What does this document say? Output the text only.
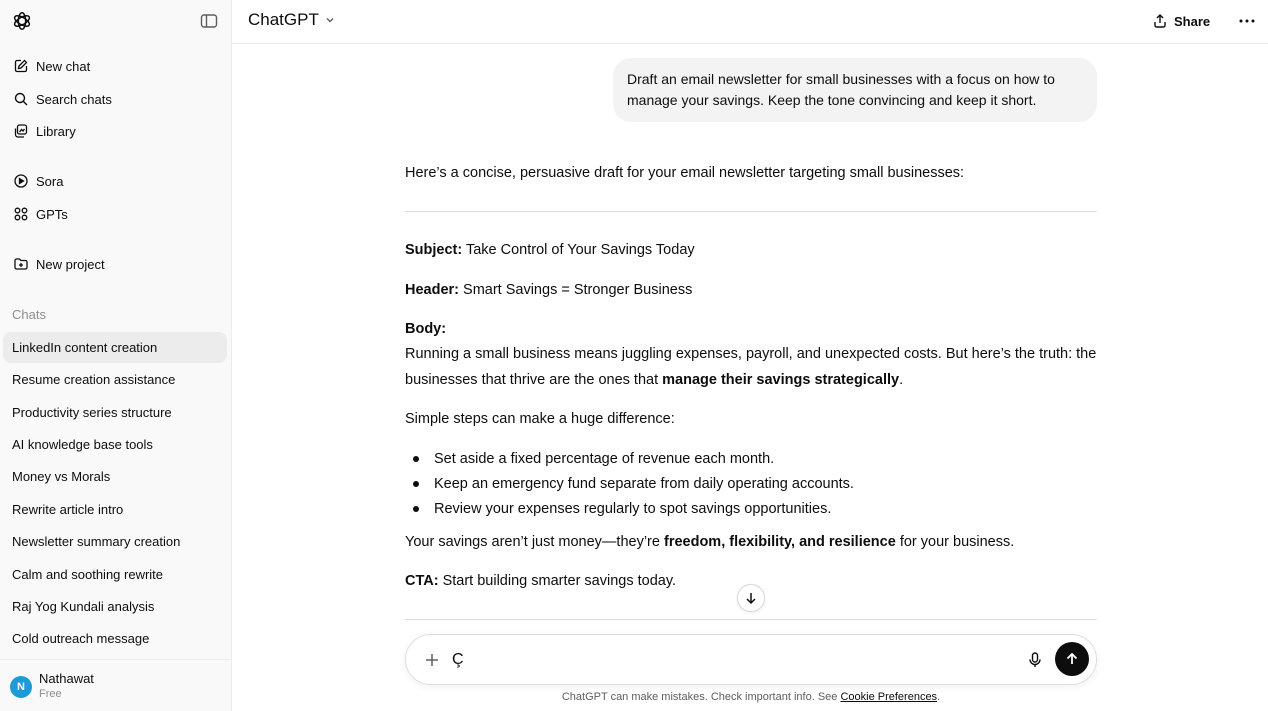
New chat
Search chats
Library
Sora
GPTs
New project
Chats
LinkedIn content creation
Resume creation assistance
Productivity series structure
AI knowledge base tools
Money vs Morals
Rewrite article intro
Newsletter summary creation
Calm and soothing rewrite
Raj Yog Kundali analysis
Cold outreach message
N
Nathawat
Free
ChatGPT	Share
Draft an email newsletter for small businesses with a focus on how to manage your savings. Keep the tone convincing and keep it short.
Here’s a concise, persuasive draft for your email newsletter targeting small businesses:
Subject: Take Control of Your Savings Today
Header: Smart Savings = Stronger Business
Body:
Running a small business means juggling expenses, payroll, and unexpected costs. But here’s the truth: the businesses that thrive are the ones that manage their savings strategically.
Simple steps can make a huge difference:
Set aside a fixed percentage of revenue each month.
Keep an emergency fund separate from daily operating accounts.
Review your expenses regularly to spot savings opportunities.
Your savings aren’t just money—they’re freedom, flexibility, and resilience for your business.
CTA: Start building smarter savings today.
Ç
ChatGPT can make mistakes. Check important info. See Cookie Preferences.
